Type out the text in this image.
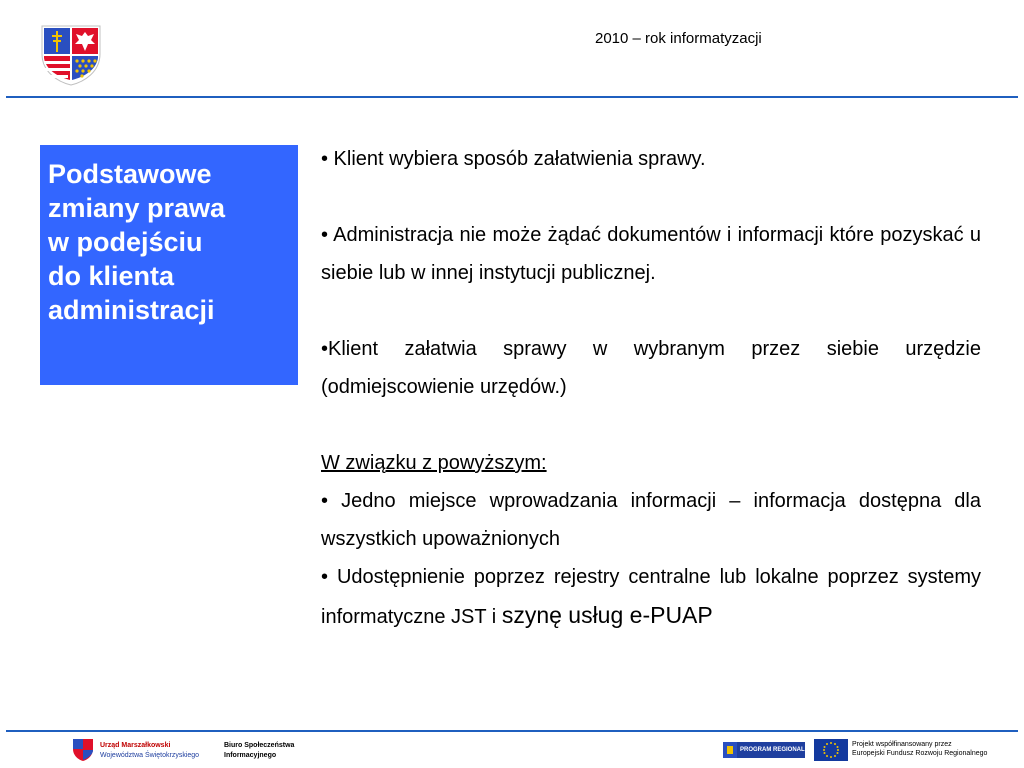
2010 – rok informatyzacji
Podstawowe
zmiany prawa
w podejściu
do klienta
administracji
• Klient wybiera sposób załatwienia sprawy.
• Administracja nie może żądać dokumentów i informacji które pozyskać u siebie lub w innej instytucji publicznej.
•Klient załatwia sprawy w wybranym przez siebie urzędzie (odmiejscowienie urzędów.)
W związku z powyższym:
• Jedno miejsce wprowadzania informacji – informacja dostępna dla wszystkich upoważnionych
• Udostępnienie poprzez rejestry centralne lub lokalne poprzez systemy informatyczne JST i szynę usług e-PUAP
Urząd Marszałkowski
Województwa Świętokrzyskiego
Biuro Społeczeństwa
Informacyjnego
PROGRAM REGIONALNY
Projekt współfinansowany przez
Europejski Fundusz Rozwoju Regionalnego
